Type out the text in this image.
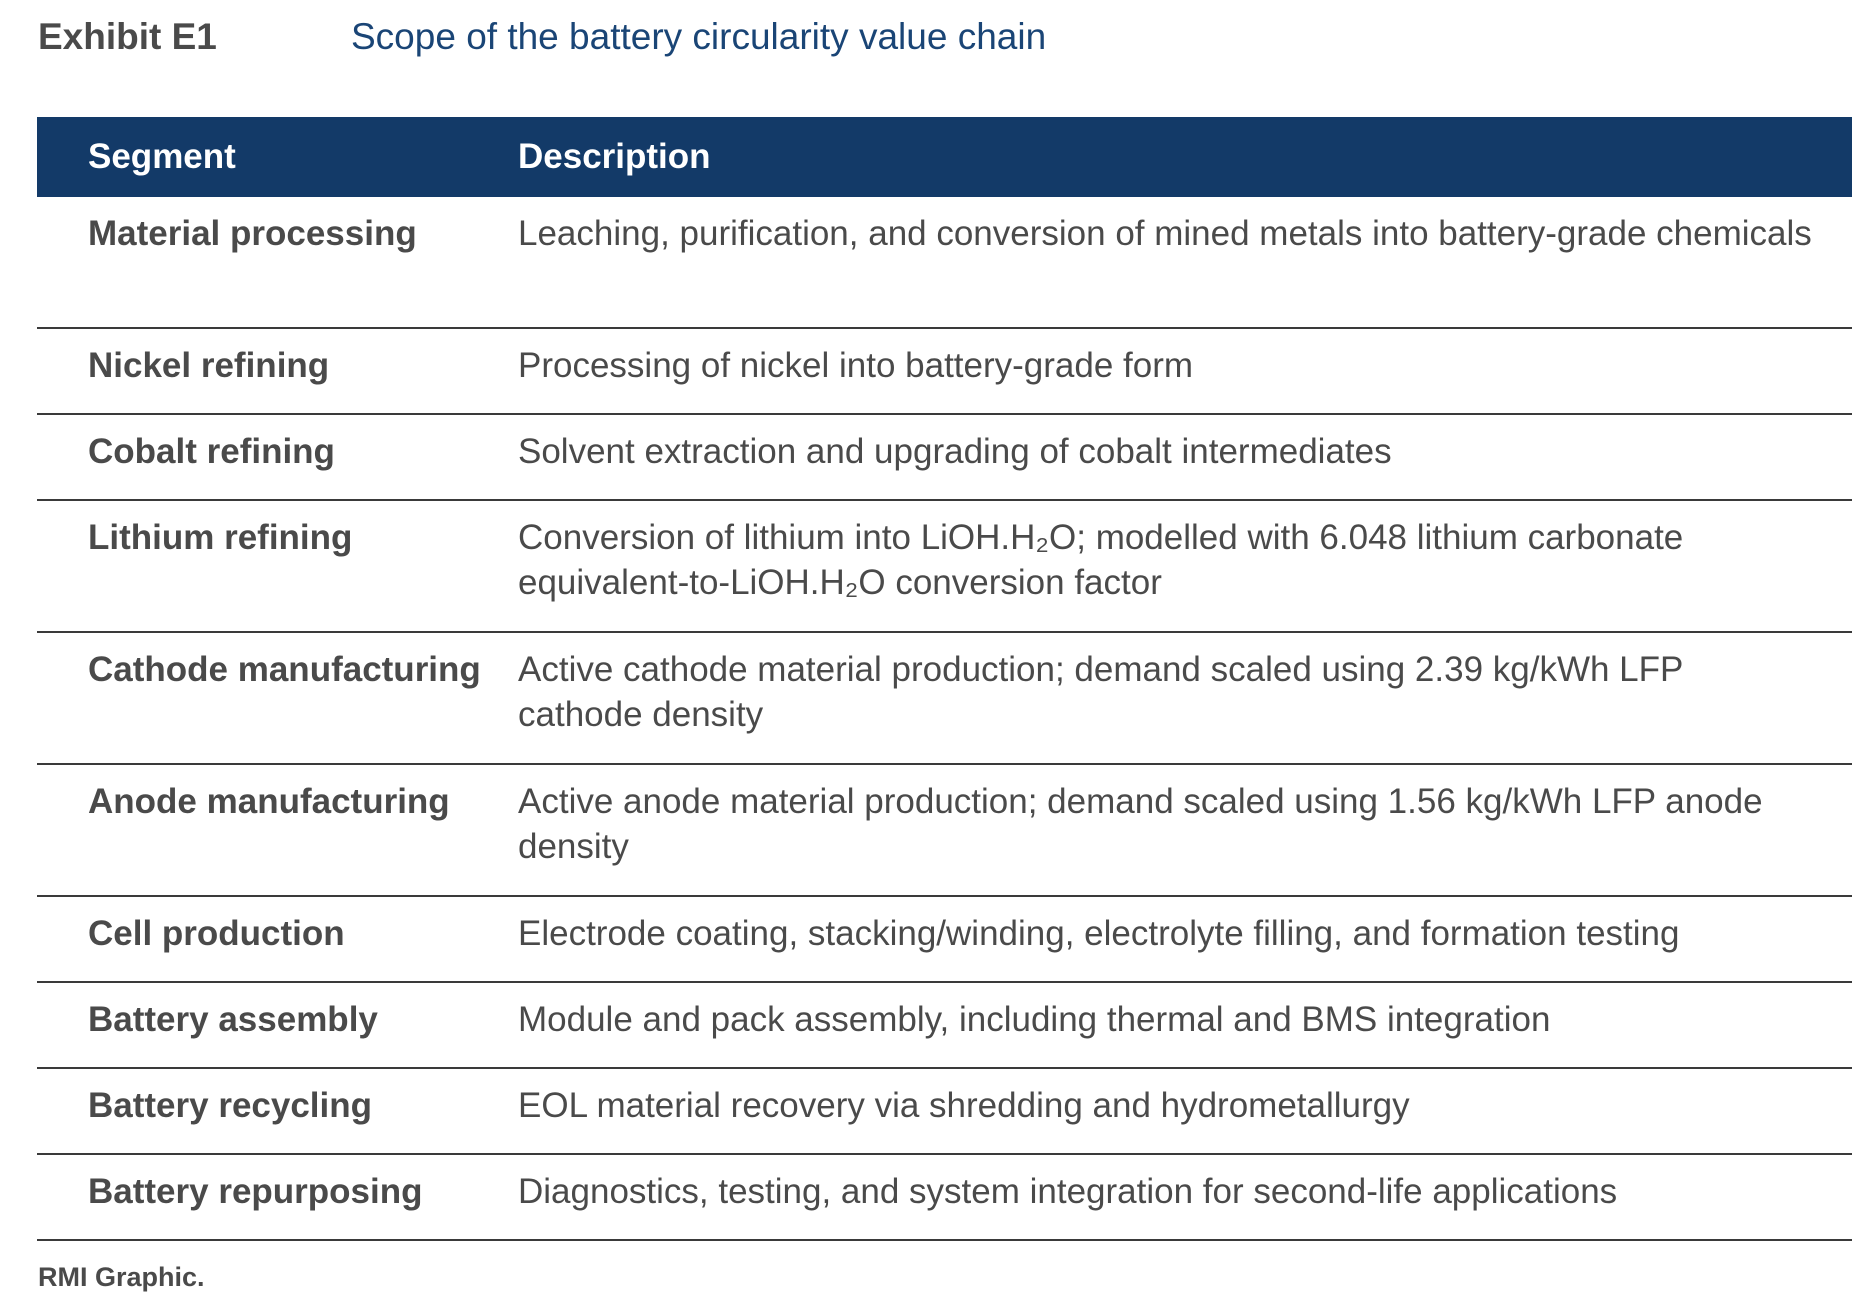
Exhibit E1	Scope of the battery circularity value chain
Segment	Description
Material processing	Leaching, purification, and conversion of mined metals into battery-grade chemicals
Nickel refining	Processing of nickel into battery-grade form
Cobalt refining	Solvent extraction and upgrading of cobalt intermediates
Lithium refining	Conversion of lithium into LiOH.H₂O; modelled with 6.048 lithium carbonate equivalent-to-LiOH.H₂O conversion factor
Cathode manufacturing	Active cathode material production; demand scaled using 2.39 kg/kWh LFP cathode density
Anode manufacturing	Active anode material production; demand scaled using 1.56 kg/kWh LFP anode density
Cell production	Electrode coating, stacking/winding, electrolyte filling, and formation testing
Battery assembly	Module and pack assembly, including thermal and BMS integration
Battery recycling	EOL material recovery via shredding and hydrometallurgy
Battery repurposing	Diagnostics, testing, and system integration for second-life applications
RMI Graphic.
